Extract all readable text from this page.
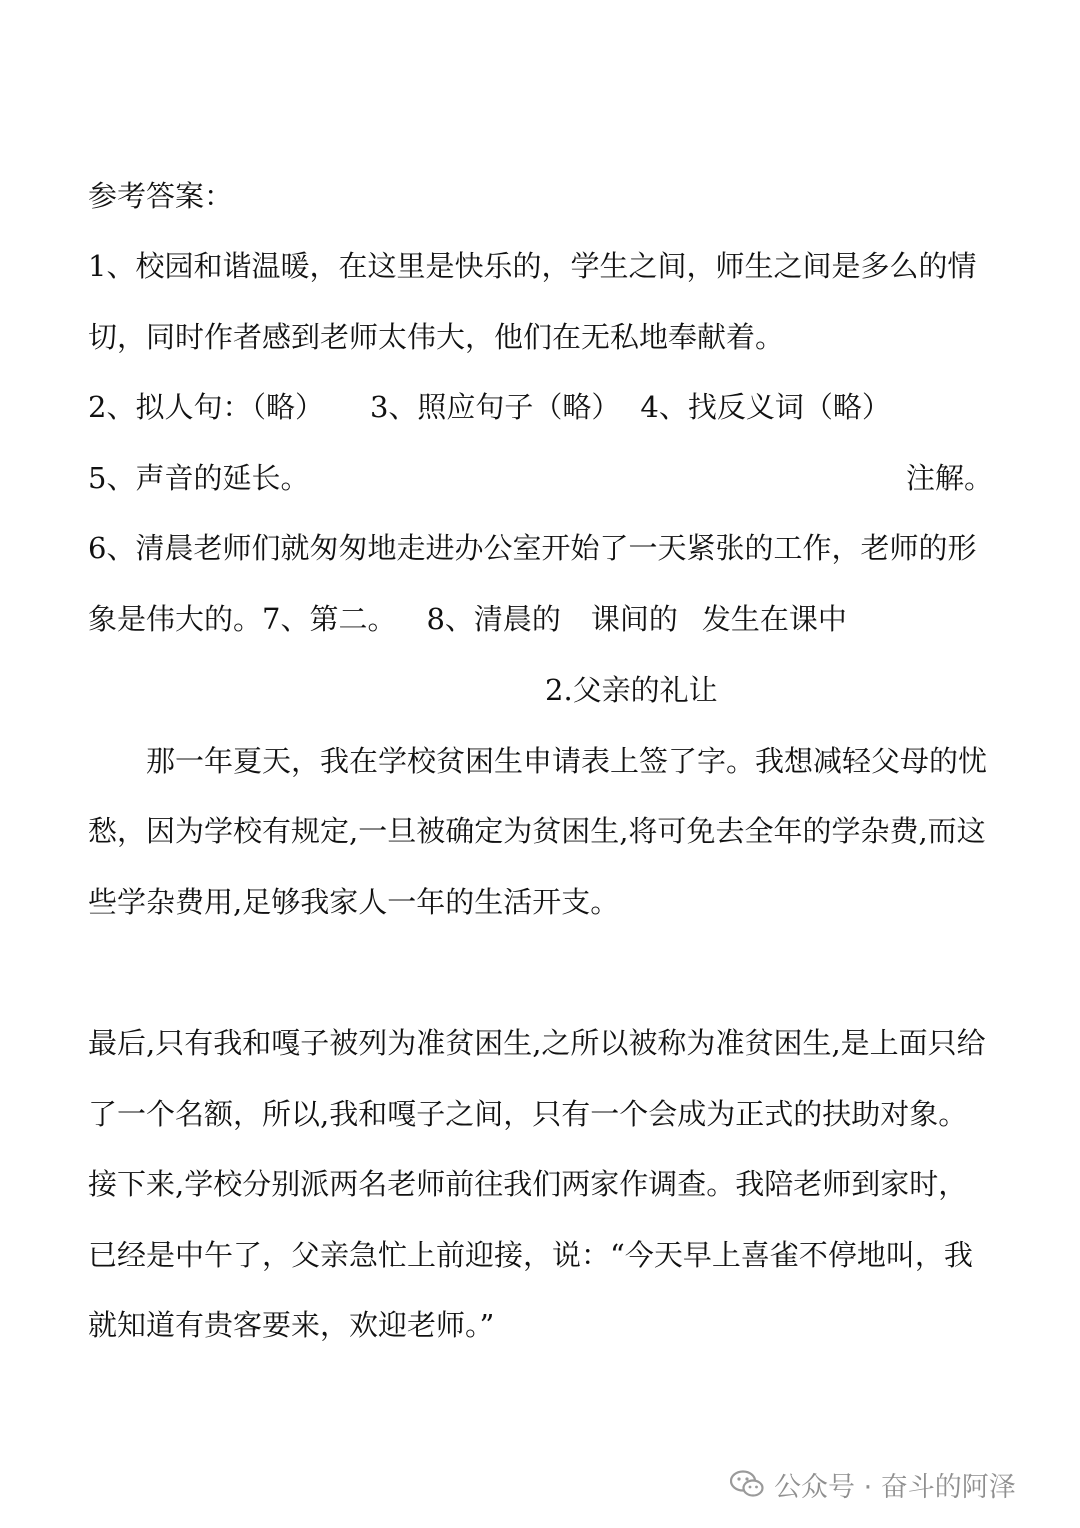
参考答案：
1、校园和谐温暖，在这里是快乐的，学生之间，师生之间是多么的情
切，同时作者感到老师太伟大，他们在无私地奉献着。
2、拟人句：（略） 3、照应句子（略） 4、找反义词（略）
5、声音的延长。	注解。
6、清晨老师们就匆匆地走进办公室开始了一天紧张的工作，老师的形
象是伟大的。7、第二。 8、清晨的 课间的 发生在课中
2.父亲的礼让
那一年夏天，我在学校贫困生申请表上签了字。我想减轻父母的忧
愁，因为学校有规定,一旦被确定为贫困生,将可免去全年的学杂费,而这
些学杂费用,足够我家人一年的生活开支。
最后,只有我和嘎子被列为准贫困生,之所以被称为准贫困生,是上面只给
了一个名额，所以,我和嘎子之间，只有一个会成为正式的扶助对象。
接下来,学校分别派两名老师前往我们两家作调查。我陪老师到家时，
已经是中午了，父亲急忙上前迎接，说：“今天早上喜雀不停地叫，我
就知道有贵客要来，欢迎老师。”
公众号 · 奋斗的阿泽
